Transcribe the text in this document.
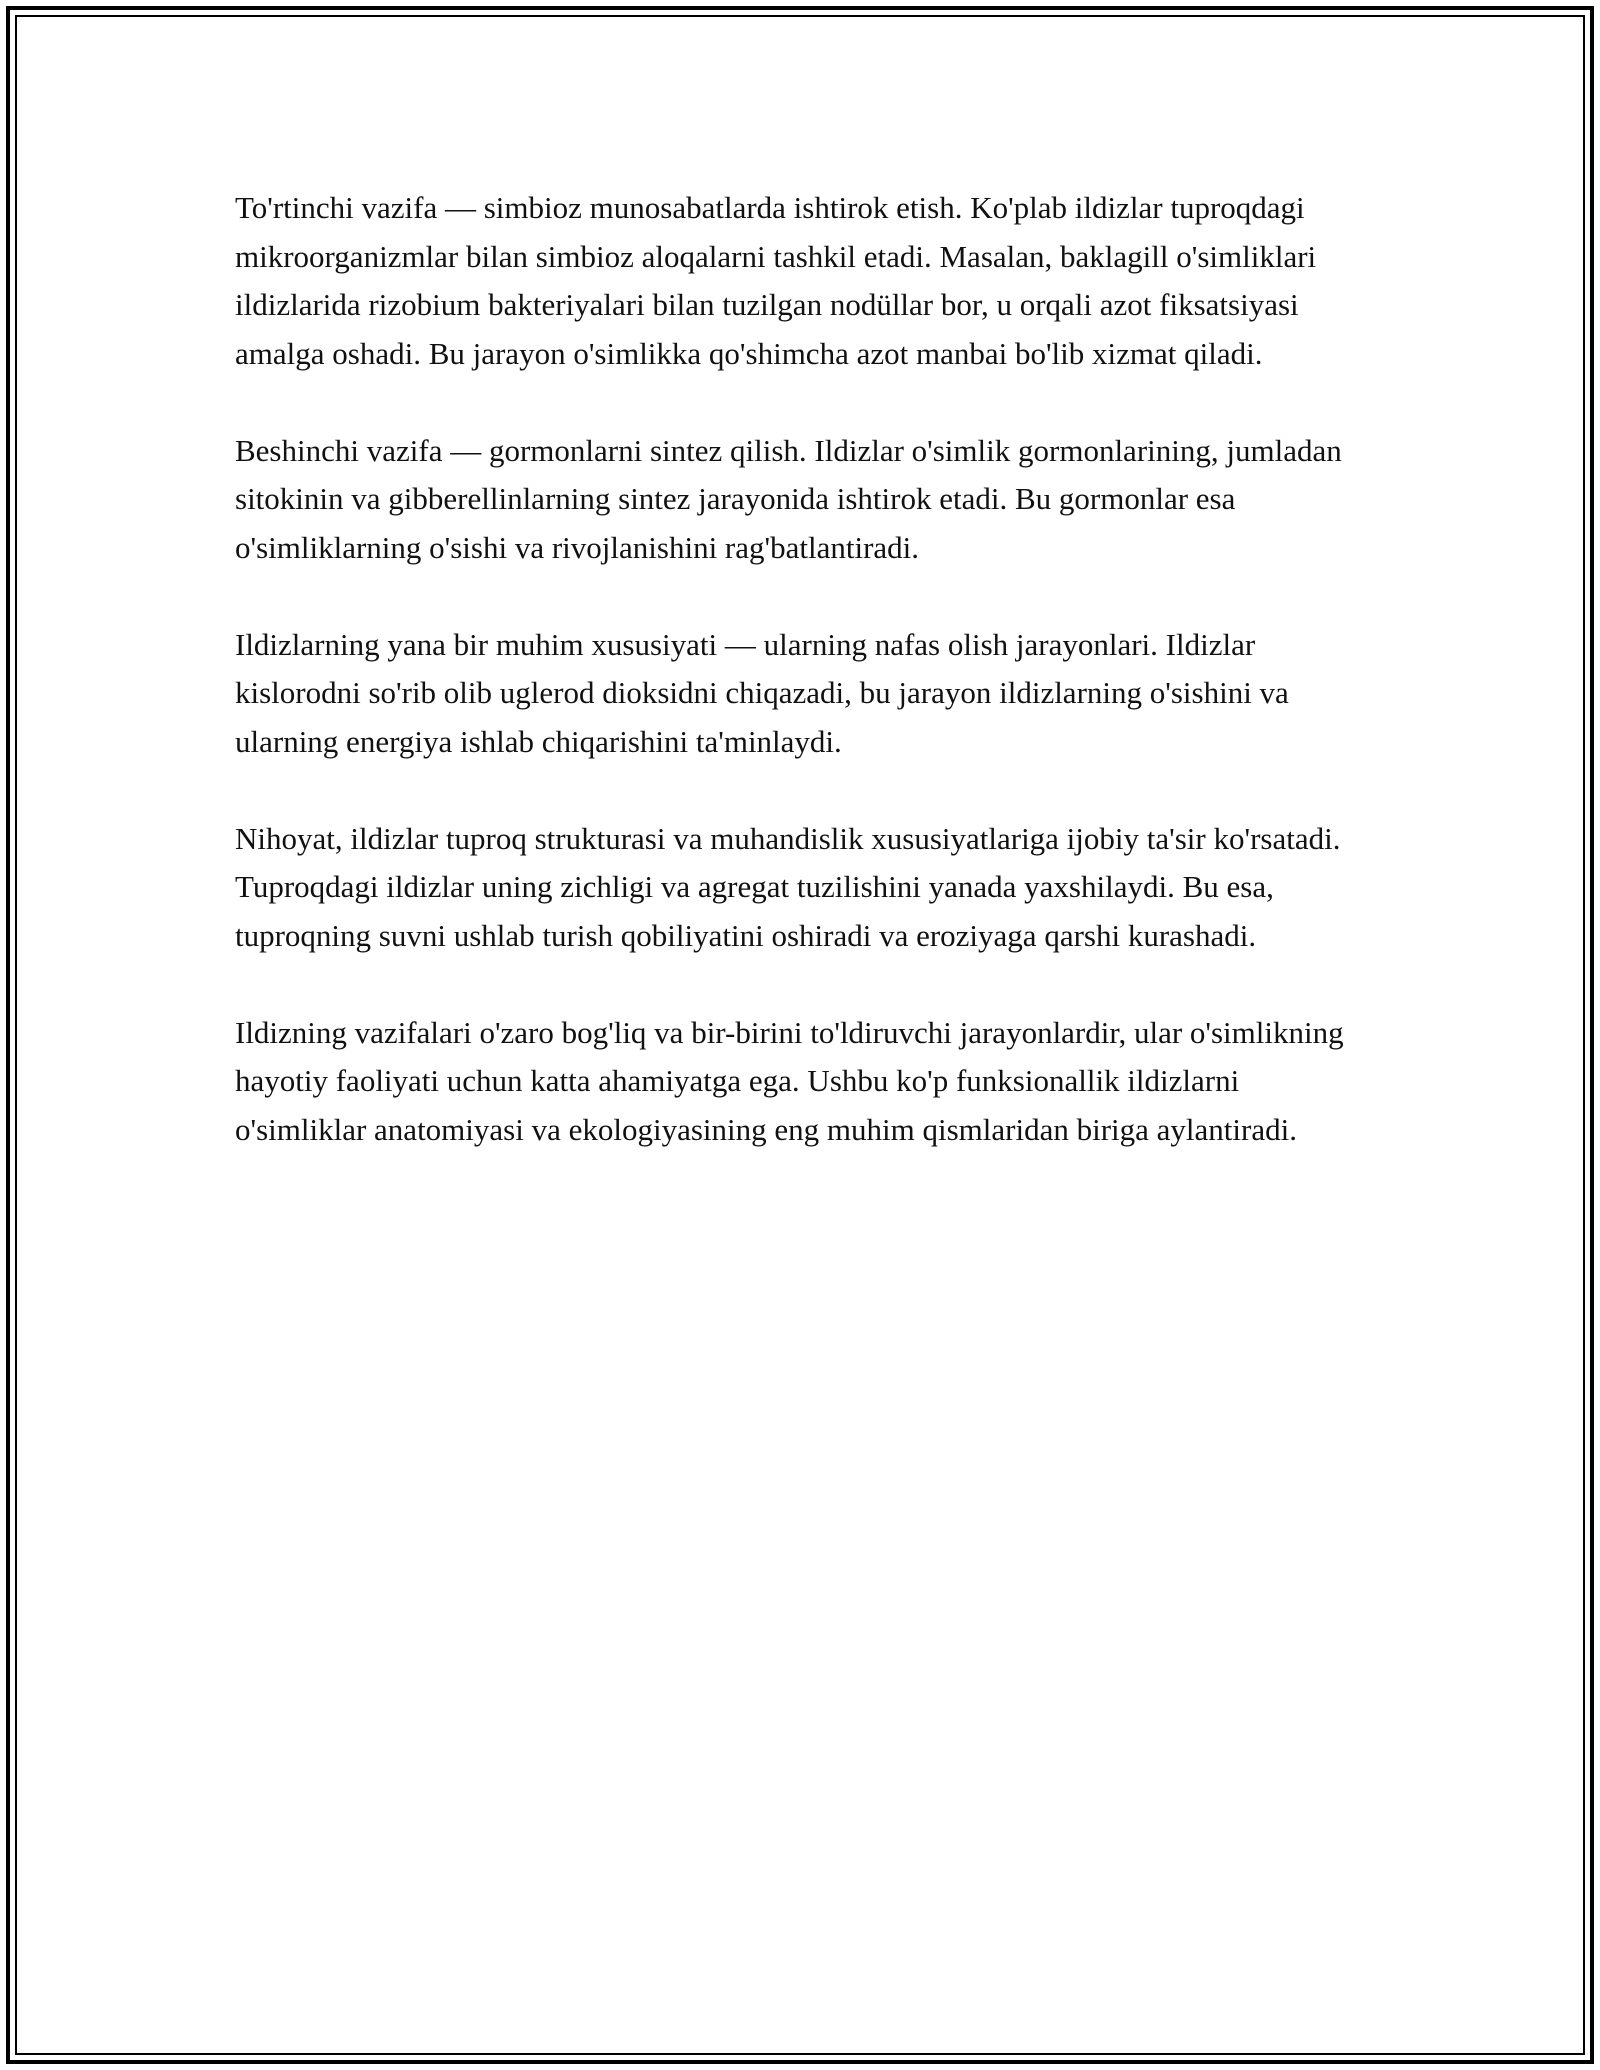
To'rtinchi vazifa — simbioz munosabatlarda ishtirok etish. Ko'plab ildizlar tuproqdagi mikroorganizmlar bilan simbioz aloqalarni tashkil etadi. Masalan, baklagill o'simliklari ildizlarida rizobium bakteriyalari bilan tuzilgan nodüllar bor, u orqali azot fiksatsiyasi amalga oshadi. Bu jarayon o'simlikka qo'shimcha azot manbai bo'lib xizmat qiladi.

Beshinchi vazifa — gormonlarni sintez qilish. Ildizlar o'simlik gormonlarining, jumladan sitokinin va gibberellinlarning sintez jarayonida ishtirok etadi. Bu gormonlar esa o'simliklarning o'sishi va rivojlanishini rag'batlantiradi.

Ildizlarning yana bir muhim xususiyati — ularning nafas olish jarayonlari. Ildizlar kislorodni so'rib olib uglerod dioksidni chiqazadi, bu jarayon ildizlarning o'sishini va ularning energiya ishlab chiqarishini ta'minlaydi.

Nihoyat, ildizlar tuproq strukturasi va muhandislik xususiyatlariga ijobiy ta'sir ko'rsatadi. Tuproqdagi ildizlar uning zichligi va agregat tuzilishini yanada yaxshilaydi. Bu esa, tuproqning suvni ushlab turish qobiliyatini oshiradi va eroziyaga qarshi kurashadi.

Ildizning vazifalari o'zaro bog'liq va bir-birini to'ldiruvchi jarayonlardir, ular o'simlikning hayotiy faoliyati uchun katta ahamiyatga ega. Ushbu ko'p funksionallik ildizlarni o'simliklar anatomiyasi va ekologiyasining eng muhim qismlaridan biriga aylantiradi.
